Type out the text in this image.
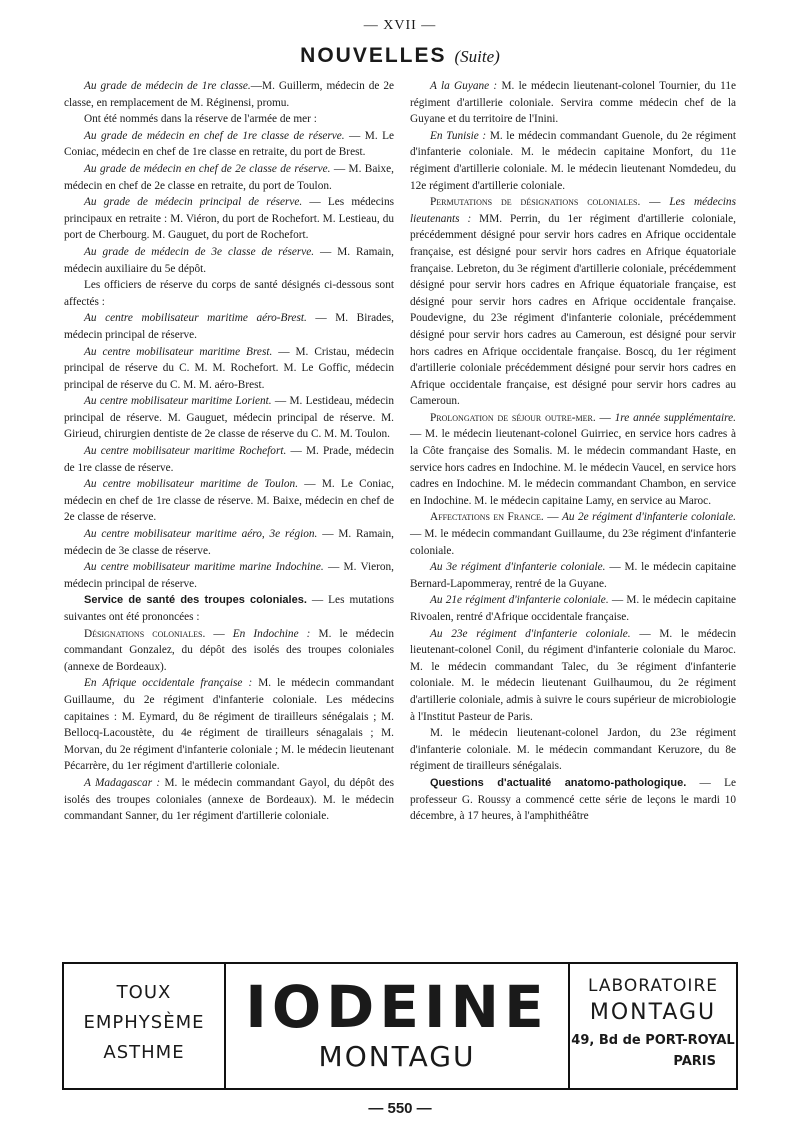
— XVII —
NOUVELLES (Suite)

Au grade de médecin de 1re classe.—M. Guillerm, médecin de 2e classe, en remplacement de M. Réginensi, promu.

Ont été nommés dans la réserve de l'armée de mer :

Au grade de médecin en chef de 1re classe de réserve. — M. Le Coniac, médecin en chef de 1re classe en retraite, du port de Brest.

Au grade de médecin en chef de 2e classe de réserve. — M. Baixe, médecin en chef de 2e classe en retraite, du port de Toulon.

Au grade de médecin principal de réserve. — Les médecins principaux en retraite : M. Viéron, du port de Rochefort. M. Lestieau, du port de Cherbourg. M. Gauguet, du port de Rochefort.

Au grade de médecin de 3e classe de réserve. — M. Ramain, médecin auxiliaire du 5e dépôt.

Les officiers de réserve du corps de santé désignés ci-dessous sont affectés :

Au centre mobilisateur maritime aéro-Brest. — M. Birades, médecin principal de réserve.

Au centre mobilisateur maritime Brest. — M. Cristau, médecin principal de réserve du C. M. M. Rochefort. M. Le Goffic, médecin principal de réserve du C. M. M. aéro-Brest.

Au centre mobilisateur maritime Lorient. — M. Lestideau, médecin principal de réserve. M. Gauguet, médecin principal de réserve. M. Girieud, chirurgien dentiste de 2e classe de réserve du C. M. M. Toulon.

Au centre mobilisateur maritime Rochefort. — M. Prade, médecin de 1re classe de réserve.

Au centre mobilisateur maritime de Toulon. — M. Le Coniac, médecin en chef de 1re classe de réserve. M. Baixe, médecin en chef de 2e classe de réserve.

Au centre mobilisateur maritime aéro, 3e région. — M. Ramain, médecin de 3e classe de réserve.

Au centre mobilisateur maritime marine Indochine. — M. Vieron, médecin principal de réserve.

Service de santé des troupes coloniales. — Les mutations suivantes ont été prononcées :

Désignations coloniales. — En Indochine : M. le médecin commandant Gonzalez, du dépôt des isolés des troupes coloniales (annexe de Bordeaux).

En Afrique occidentale française : M. le médecin commandant Guillaume, du 2e régiment d'infanterie coloniale. Les médecins capitaines : M. Eymard, du 8e régiment de tirailleurs sénégalais ; M. Bellocq-Lacoustète, du 4e régiment de tirailleurs sénagalais ; M. Morvan, du 2e régiment d'infanterie coloniale ; M. le médecin lieutenant Pécarrère, du 1er régiment d'artillerie coloniale.

A Madagascar : M. le médecin commandant Gayol, du dépôt des isolés des troupes coloniales (annexe de Bordeaux). M. le médecin commandant Sanner, du 1er régiment d'artillerie coloniale.

A la Guyane : M. le médecin lieutenant-colonel Tournier, du 11e régiment d'artillerie coloniale. Servira comme médecin chef de la Guyane et du territoire de l'Inini.

En Tunisie : M. le médecin commandant Guenole, du 2e régiment d'infanterie coloniale. M. le médecin capitaine Monfort, du 11e régiment d'artillerie coloniale. M. le médecin lieutenant Nomdedeu, du 12e régiment d'artillerie coloniale.

Permutations de désignations coloniales. — Les médecins lieutenants : MM. Perrin, du 1er régiment d'artillerie coloniale, précédemment désigné pour servir hors cadres en Afrique occidentale française, est désigné pour servir hors cadres en Afrique équatoriale française. Lebreton, du 3e régiment d'artillerie coloniale, précédemment désigné pour servir hors cadres en Afrique équatoriale française, est désigné pour servir hors cadres en Afrique occidentale française. Poudevigne, du 23e régiment d'infanterie coloniale, précédemment désigné pour servir hors cadres au Cameroun, est désigné pour servir hors cadres en Afrique occidentale française. Boscq, du 1er régiment d'artillerie coloniale précédemment désigné pour servir hors cadres en Afrique occidentale française, est désigné pour servir hors cadres au Cameroun.

Prolongation de séjour outre-mer. — 1re année supplémentaire. — M. le médecin lieutenant-colonel Guirriec, en service hors cadres à la Côte française des Somalis. M. le médecin commandant Haste, en service hors cadres en Indochine. M. le médecin Vaucel, en service hors cadres en Indochine. M. le médecin commandant Chambon, en service en Indochine. M. le médecin capitaine Lamy, en service au Maroc.

Affectations en France. — Au 2e régiment d'infanterie coloniale. — M. le médecin commandant Guillaume, du 23e régiment d'infanterie coloniale.

Au 3e régiment d'infanterie coloniale. — M. le médecin capitaine Bernard-Lapommeray, rentré de la Guyane.

Au 21e régiment d'infanterie coloniale. — M. le médecin capitaine Rivoalen, rentré d'Afrique occidentale française.

Au 23e régiment d'infanterie coloniale. — M. le médecin lieutenant-colonel Conil, du régiment d'infanterie coloniale du Maroc. M. le médecin commandant Talec, du 3e régiment d'infanterie coloniale. M. le médecin lieutenant Guilhaumou, du 2e régiment d'artillerie coloniale, admis à suivre le cours supérieur de microbiologie à l'Institut Pasteur de Paris.

M. le médecin lieutenant-colonel Jardon, du 23e régiment d'infanterie coloniale. M. le médecin commandant Keruzore, du 8e régiment de tirailleurs sénégalais.

Questions d'actualité anatomo-pathologique. — Le professeur G. Roussy a commencé cette série de leçons le mardi 10 décembre, à 17 heures, à l'amphithéâtre

TOUX
EMPHYSÈME
ASTHME
IODEINE
MONTAGU
LABORATOIRE
MONTAGU
49, Bd de PORT-ROYAL
PARIS
— 550 —
